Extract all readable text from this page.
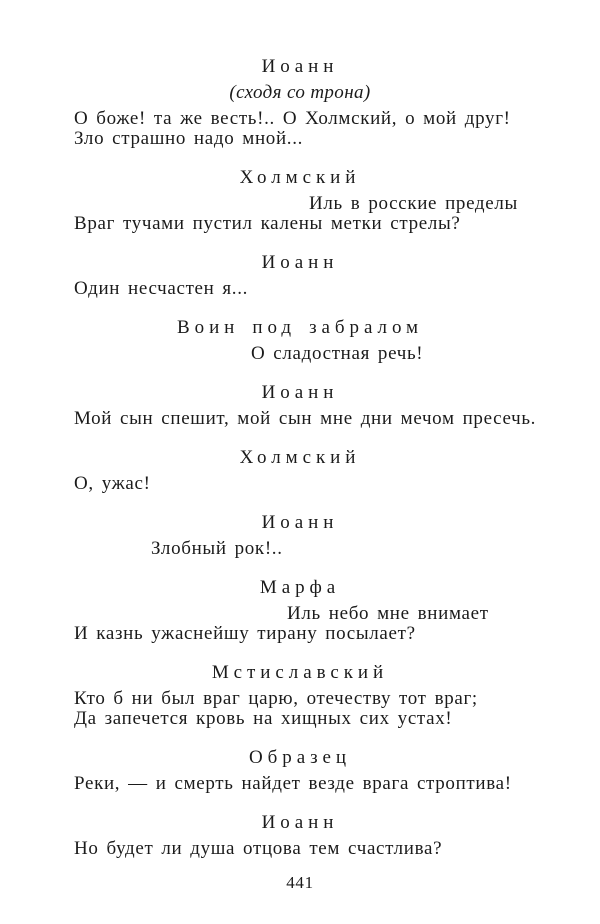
Иоанн
(сходя со трона)
О боже! та же весть!.. О Холмский, о мой друг!
Зло страшно надо мной...
Холмский
Иль в росские пределы
Враг тучами пустил калены метки стрелы?
Иоанн
Один несчастен я...
Воин под забралом
О сладостная речь!
Иоанн
Мой сын спешит, мой сын мне дни мечом пресечь.
Холмский
О, ужас!
Иоанн
Злобный рок!..
Марфа
Иль небо мне внимает
И казнь ужаснейшу тирану посылает?
Мстиславский
Кто б ни был враг царю, отечеству тот враг;
Да запечется кровь на хищных сих устах!
Образец
Реки, — и смерть найдет везде врага строптива!
Иоанн
Но будет ли душа отцова тем счастлива?
441
